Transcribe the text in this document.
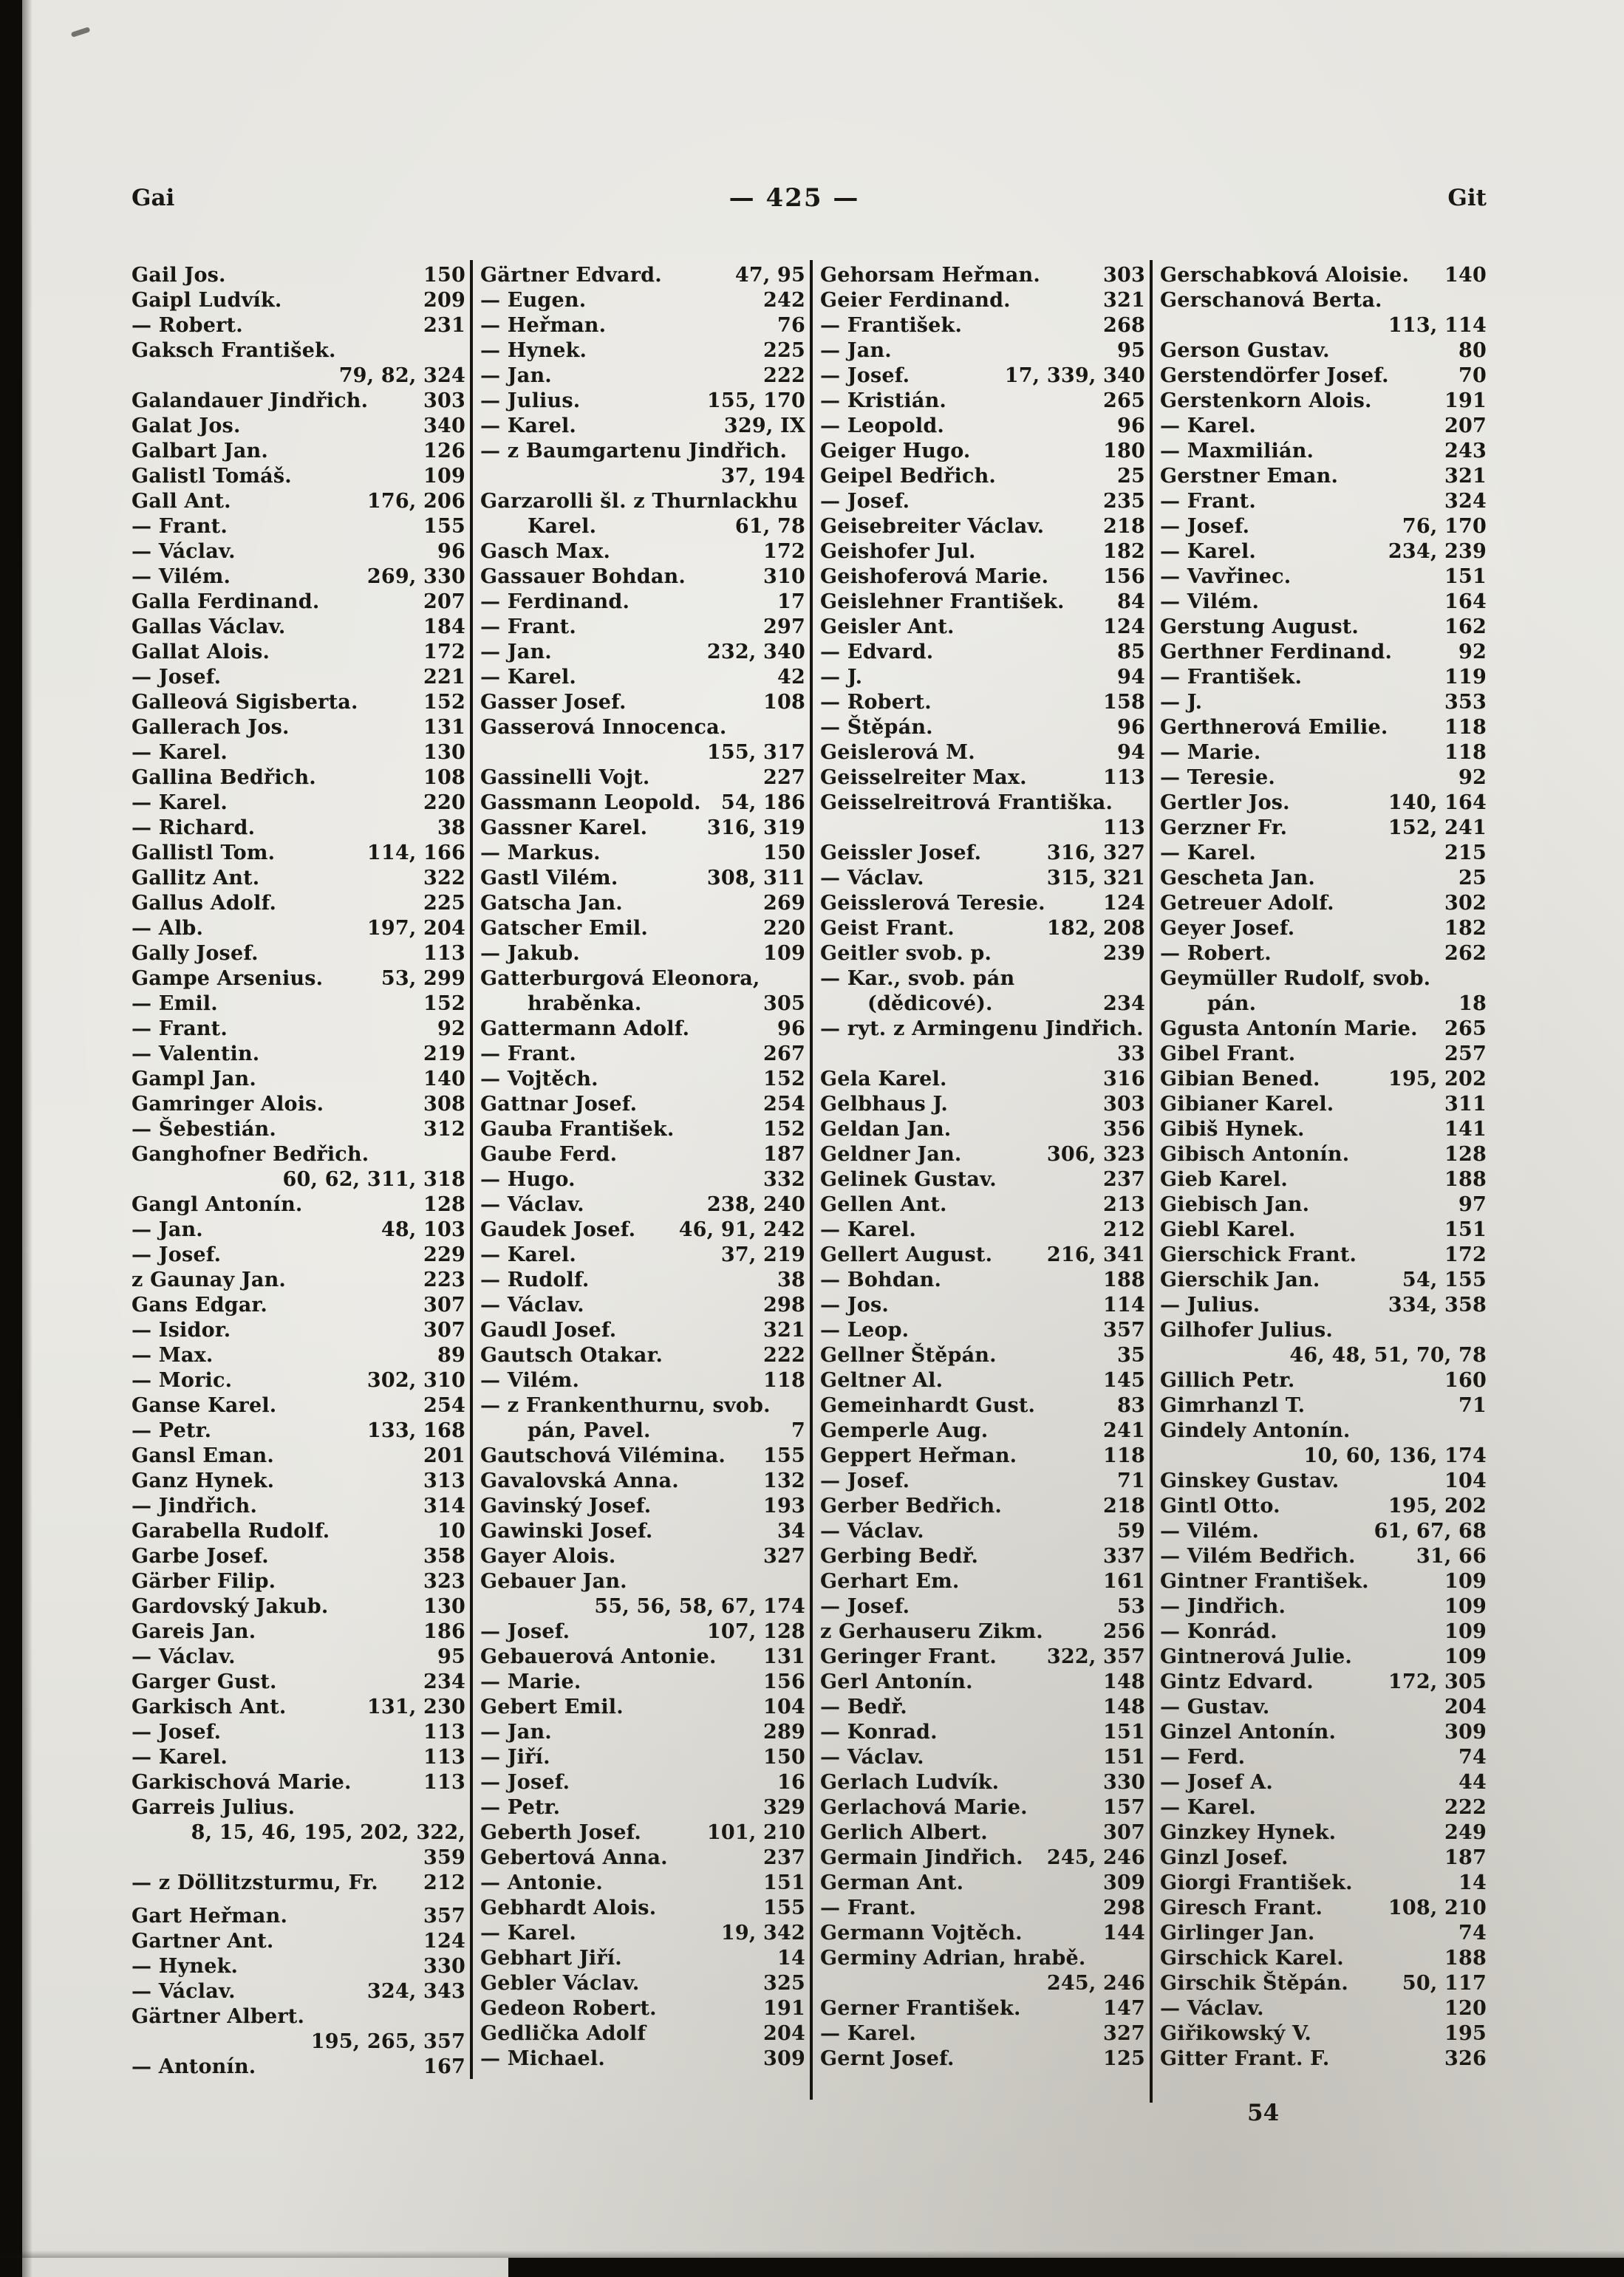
Gai	— 425 —	Git
Gail Jos.	150
Gaipl Ludvík.	209
— Robert.	231
Gaksch František.
79, 82, 324
Galandauer Jindřich.	303
Galat Jos.	340
Galbart Jan.	126
Galistl Tomáš.	109
Gall Ant.	176, 206
— Frant.	155
— Václav.	96
— Vilém.	269, 330
Galla Ferdinand.	207
Gallas Václav.	184
Gallat Alois.	172
— Josef.	221
Galleová Sigisberta.	152
Gallerach Jos.	131
— Karel.	130
Gallina Bedřich.	108
— Karel.	220
— Richard.	38
Gallistl Tom.	114, 166
Gallitz Ant.	322
Gallus Adolf.	225
— Alb.	197, 204
Gally Josef.	113
Gampe Arsenius.	53, 299
— Emil.	152
— Frant.	92
— Valentin.	219
Gampl Jan.	140
Gamringer Alois.	308
— Šebestián.	312
Ganghofner Bedřich.
60, 62, 311, 318
Gangl Antonín.	128
— Jan.	48, 103
— Josef.	229
z Gaunay Jan.	223
Gans Edgar.	307
— Isidor.	307
— Max.	89
— Moric.	302, 310
Ganse Karel.	254
— Petr.	133, 168
Gansl Eman.	201
Ganz Hynek.	313
— Jindřich.	314
Garabella Rudolf.	10
Garbe Josef.	358
Gärber Filip.	323
Gardovský Jakub.	130
Gareis Jan.	186
— Václav.	95
Garger Gust.	234
Garkisch Ant.	131, 230
— Josef.	113
— Karel.	113
Garkischová Marie.	113
Garreis Julius.
8, 15, 46, 195, 202, 322, 359
— z Döllitzsturmu, Fr.	212
Gart Heřman.	357
Gartner Ant.	124
— Hynek.	330
— Václav.	324, 343
Gärtner Albert.
195, 265, 357
— Antonín.	167
Gärtner Edvard.	47, 95
— Eugen.	242
— Heřman.	76
— Hynek.	225
— Jan.	222
— Julius.	155, 170
— Karel.	329, IX
— z Baumgartenu Jindřich.
37, 194
Garzarolli šl. z Thurnlackhu Karel.	61, 78
Gasch Max.	172
Gassauer Bohdan.	310
— Ferdinand.	17
— Frant.	297
— Jan.	232, 340
— Karel.	42
Gasser Josef.	108
Gasserová Innocenca.
155, 317
Gassinelli Vojt.	227
Gassmann Leopold.	54, 186
Gassner Karel.	316, 319
— Markus.	150
Gastl Vilém.	308, 311
Gatscha Jan.	269
Gatscher Emil.	220
— Jakub.	109
Gatterburgová Eleonora, hraběnka.	305
Gattermann Adolf.	96
— Frant.	267
— Vojtěch.	152
Gattnar Josef.	254
Gauba František.	152
Gaube Ferd.	187
— Hugo.	332
— Václav.	238, 240
Gaudek Josef.	46, 91, 242
— Karel.	37, 219
— Rudolf.	38
— Václav.	298
Gaudl Josef.	321
Gautsch Otakar.	222
— Vilém.	118
— z Frankenthurnu, svob. pán, Pavel.	7
Gautschová Vilémina.	155
Gavalovská Anna.	132
Gavinský Josef.	193
Gawinski Josef.	34
Gayer Alois.	327
Gebauer Jan.
55, 56, 58, 67, 174
— Josef.	107, 128
Gebauerová Antonie.	131
— Marie.	156
Gebert Emil.	104
— Jan.	289
— Jiří.	150
— Josef.	16
— Petr.	329
Geberth Josef.	101, 210
Gebertová Anna.	237
— Antonie.	151
Gebhardt Alois.	155
— Karel.	19, 342
Gebhart Jiří.	14
Gebler Václav.	325
Gedeon Robert.	191
Gedlička Adolf	204
— Michael.	309
Gehorsam Heřman.	303
Geier Ferdinand.	321
— František.	268
— Jan.	95
— Josef.	17, 339, 340
— Kristián.	265
— Leopold.	96
Geiger Hugo.	180
Geipel Bedřich.	25
— Josef.	235
Geisebreiter Václav.	218
Geishofer Jul.	182
Geishoferová Marie.	156
Geislehner František.	84
Geisler Ant.	124
— Edvard.	85
— J.	94
— Robert.	158
— Štěpán.	96
Geislerová M.	94
Geisselreiter Max.	113
Geisselreitrová Františka.
113
Geissler Josef.	316, 327
— Václav.	315, 321
Geisslerová Teresie.	124
Geist Frant.	182, 208
Geitler svob. p.	239
— Kar., svob. pán (dědicové).	234
— ryt. z Armingenu Jindřich.
33
Gela Karel.	316
Gelbhaus J.	303
Geldan Jan.	356
Geldner Jan.	306, 323
Gelinek Gustav.	237
Gellen Ant.	213
— Karel.	212
Gellert August.	216, 341
— Bohdan.	188
— Jos.	114
— Leop.	357
Gellner Štěpán.	35
Geltner Al.	145
Gemeinhardt Gust.	83
Gemperle Aug.	241
Geppert Heřman.	118
— Josef.	71
Gerber Bedřich.	218
— Václav.	59
Gerbing Bedř.	337
Gerhart Em.	161
— Josef.	53
z Gerhauseru Zikm.	256
Geringer Frant.	322, 357
Gerl Antonín.	148
— Bedř.	148
— Konrad.	151
— Václav.	151
Gerlach Ludvík.	330
Gerlachová Marie.	157
Gerlich Albert.	307
Germain Jindřich.	245, 246
German Ant.	309
— Frant.	298
Germann Vojtěch.	144
Germiny Adrian, hrabě.
245, 246
Gerner František.	147
— Karel.	327
Gernt Josef.	125
Gerschabková Aloisie.	140
Gerschanová Berta.
113, 114
Gerson Gustav.	80
Gerstendörfer Josef.	70
Gerstenkorn Alois.	191
— Karel.	207
— Maxmilián.	243
Gerstner Eman.	321
— Frant.	324
— Josef.	76, 170
— Karel.	234, 239
— Vavřinec.	151
— Vilém.	164
Gerstung August.	162
Gerthner Ferdinand.	92
— František.	119
— J.	353
Gerthnerová Emilie.	118
— Marie.	118
— Teresie.	92
Gertler Jos.	140, 164
Gerzner Fr.	152, 241
— Karel.	215
Gescheta Jan.	25
Getreuer Adolf.	302
Geyer Josef.	182
— Robert.	262
Geymüller Rudolf, svob. pán.	18
Ggusta Antonín Marie.	265
Gibel Frant.	257
Gibian Bened.	195, 202
Gibianer Karel.	311
Gibiš Hynek.	141
Gibisch Antonín.	128
Gieb Karel.	188
Giebisch Jan.	97
Giebl Karel.	151
Gierschick Frant.	172
Gierschik Jan.	54, 155
— Julius.	334, 358
Gilhofer Julius.
46, 48, 51, 70, 78
Gillich Petr.	160
Gimrhanzl T.	71
Gindely Antonín.
10, 60, 136, 174
Ginskey Gustav.	104
Gintl Otto.	195, 202
— Vilém.	61, 67, 68
— Vilém Bedřich.	31, 66
Gintner František.	109
— Jindřich.	109
— Konrád.	109
Gintnerová Julie.	109
Gintz Edvard.	172, 305
— Gustav.	204
Ginzel Antonín.	309
— Ferd.	74
— Josef A.	44
— Karel.	222
Ginzkey Hynek.	249
Ginzl Josef.	187
Giorgi František.	14
Giresch Frant.	108, 210
Girlinger Jan.	74
Girschick Karel.	188
Girschik Štěpán.	50, 117
— Václav.	120
Giřikowský V.	195
Gitter Frant. F.	326
54
